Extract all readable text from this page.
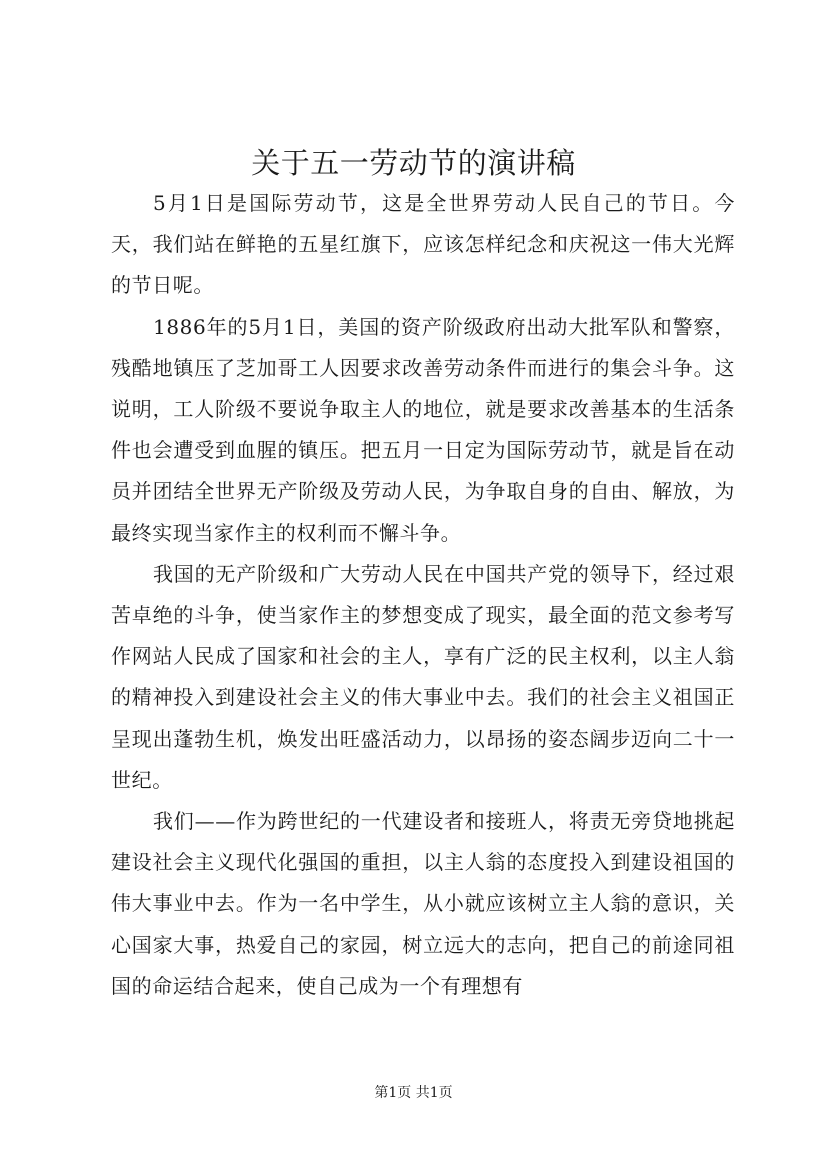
关于五一劳动节的演讲稿

5月1日是国际劳动节，这是全世界劳动人民自己的节日。今天，我们站在鲜艳的五星红旗下，应该怎样纪念和庆祝这一伟大光辉的节日呢。

1886年的5月1日，美国的资产阶级政府出动大批军队和警察，残酷地镇压了芝加哥工人因要求改善劳动条件而进行的集会斗争。这说明，工人阶级不要说争取主人的地位，就是要求改善基本的生活条件也会遭受到血腥的镇压。把五月一日定为国际劳动节，就是旨在动员并团结全世界无产阶级及劳动人民，为争取自身的自由、解放，为最终实现当家作主的权利而不懈斗争。

我国的无产阶级和广大劳动人民在中国共产党的领导下，经过艰苦卓绝的斗争，使当家作主的梦想变成了现实，最全面的范文参考写作网站人民成了国家和社会的主人，享有广泛的民主权利，以主人翁的精神投入到建设社会主义的伟大事业中去。我们的社会主义祖国正呈现出蓬勃生机，焕发出旺盛活动力，以昂扬的姿态阔步迈向二十一世纪。

我们——作为跨世纪的一代建设者和接班人，将责无旁贷地挑起建设社会主义现代化强国的重担，以主人翁的态度投入到建设祖国的伟大事业中去。作为一名中学生，从小就应该树立主人翁的意识，关心国家大事，热爱自己的家园，树立远大的志向，把自己的前途同祖国的命运结合起来，使自己成为一个有理想有

第1页 共1页
